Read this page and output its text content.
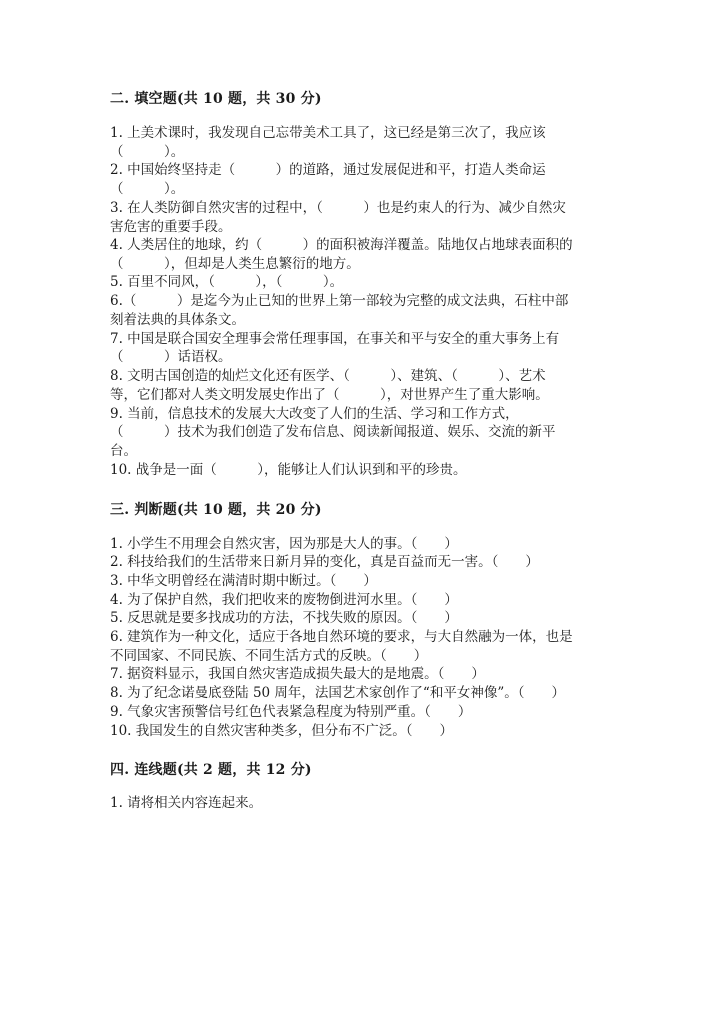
二. 填空题(共 10 题，共 30 分)
1. 上美术课时，我发现自己忘带美术工具了，这已经是第三次了，我应该
（　　　）。
2. 中国始终坚持走（　　　）的道路，通过发展促进和平，打造人类命运
（　　　）。
3. 在人类防御自然灾害的过程中，（　　　）也是约束人的行为、减少自然灾
害危害的重要手段。
4. 人类居住的地球，约（　　　）的面积被海洋覆盖。陆地仅占地球表面积的
（　　　），但却是人类生息繁衍的地方。
5. 百里不同风，（　　　），（　　　）。
6.（　　　）是迄今为止已知的世界上第一部较为完整的成文法典，石柱中部
刻着法典的具体条文。
7. 中国是联合国安全理事会常任理事国，在事关和平与安全的重大事务上有
（　　　）话语权。
8. 文明古国创造的灿烂文化还有医学、（　　　）、建筑、（　　　）、艺术
等，它们都对人类文明发展史作出了（　　　），对世界产生了重大影响。
9. 当前，信息技术的发展大大改变了人们的生活、学习和工作方式，
（　　　）技术为我们创造了发布信息、阅读新闻报道、娱乐、交流的新平
台。
10. 战争是一面（　　　），能够让人们认识到和平的珍贵。
三. 判断题(共 10 题，共 20 分)
1. 小学生不用理会自然灾害，因为那是大人的事。（　　）
2. 科技给我们的生活带来日新月异的变化，真是百益而无一害。（　　）
3. 中华文明曾经在满清时期中断过。（　　）
4. 为了保护自然，我们把收来的废物倒进河水里。（　　）
5. 反思就是要多找成功的方法，不找失败的原因。（　　）
6. 建筑作为一种文化，适应于各地自然环境的要求，与大自然融为一体，也是
不同国家、不同民族、不同生活方式的反映。（　　）
7. 据资料显示，我国自然灾害造成损失最大的是地震。（　　）
8. 为了纪念诺曼底登陆 50 周年，法国艺术家创作了“和平女神像”。（　　）
9. 气象灾害预警信号红色代表紧急程度为特别严重。（　　）
10. 我国发生的自然灾害种类多，但分布不广泛。（　　）
四. 连线题(共 2 题，共 12 分)
1. 请将相关内容连起来。
